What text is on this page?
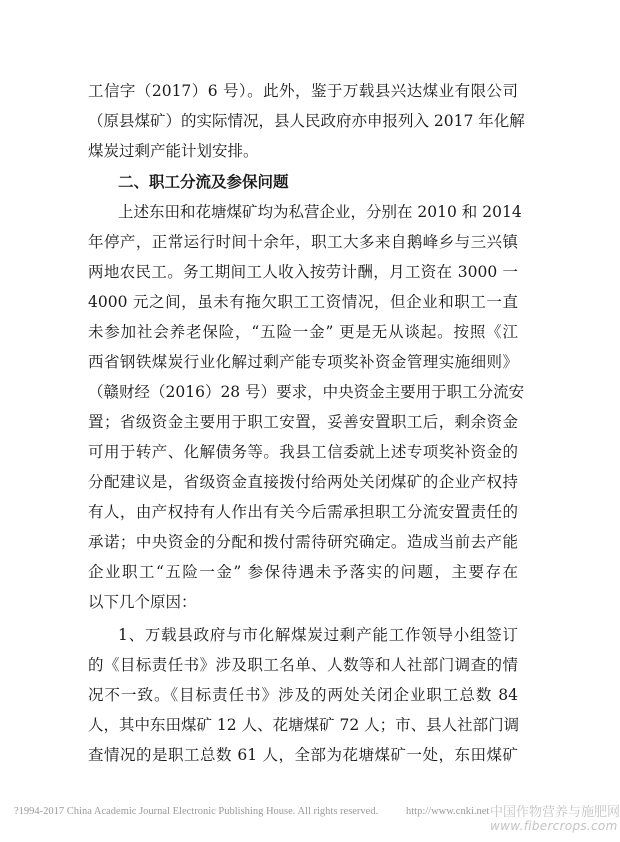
工信字（2017）6 号）。此外，鉴于万载县兴达煤业有限公司
（原县煤矿）的实际情况，县人民政府亦申报列入 2017 年化解
煤炭过剩产能计划安排。
二、职工分流及参保问题
上述东田和花塘煤矿均为私营企业，分别在 2010 和 2014
年停产，正常运行时间十余年，职工大多来自鹅峰乡与三兴镇
两地农民工。务工期间工人收入按劳计酬，月工资在 3000 一
4000 元之间，虽未有拖欠职工工资情况，但企业和职工一直
未参加社会养老保险，“五险一金” 更是无从谈起。按照《江
西省钢铁煤炭行业化解过剩产能专项奖补资金管理实施细则》
（赣财经（2016）28 号）要求，中央资金主要用于职工分流安
置；省级资金主要用于职工安置，妥善安置职工后，剩余资金
可用于转产、化解债务等。我县工信委就上述专项奖补资金的
分配建议是，省级资金直接拨付给两处关闭煤矿的企业产权持
有人，由产权持有人作出有关今后需承担职工分流安置责任的
承诺；中央资金的分配和拨付需待研究确定。造成当前去产能
企业职工“五险一金” 参保待遇未予落实的问题，主要存在
以下几个原因：
1、万载县政府与市化解煤炭过剩产能工作领导小组签订
的《目标责任书》涉及职工名单、人数等和人社部门调查的情
况不一致。《目标责任书》涉及的两处关闭企业职工总数 84
人，其中东田煤矿 12 人、花塘煤矿 72 人；市、县人社部门调
查情况的是职工总数 61 人，全部为花塘煤矿一处，东田煤矿
?1994-2017 China Academic Journal Electronic Publishing House. All rights reserved.	http://www.cnki.net 中国作物营养与施肥网
www.fibercrops.com
